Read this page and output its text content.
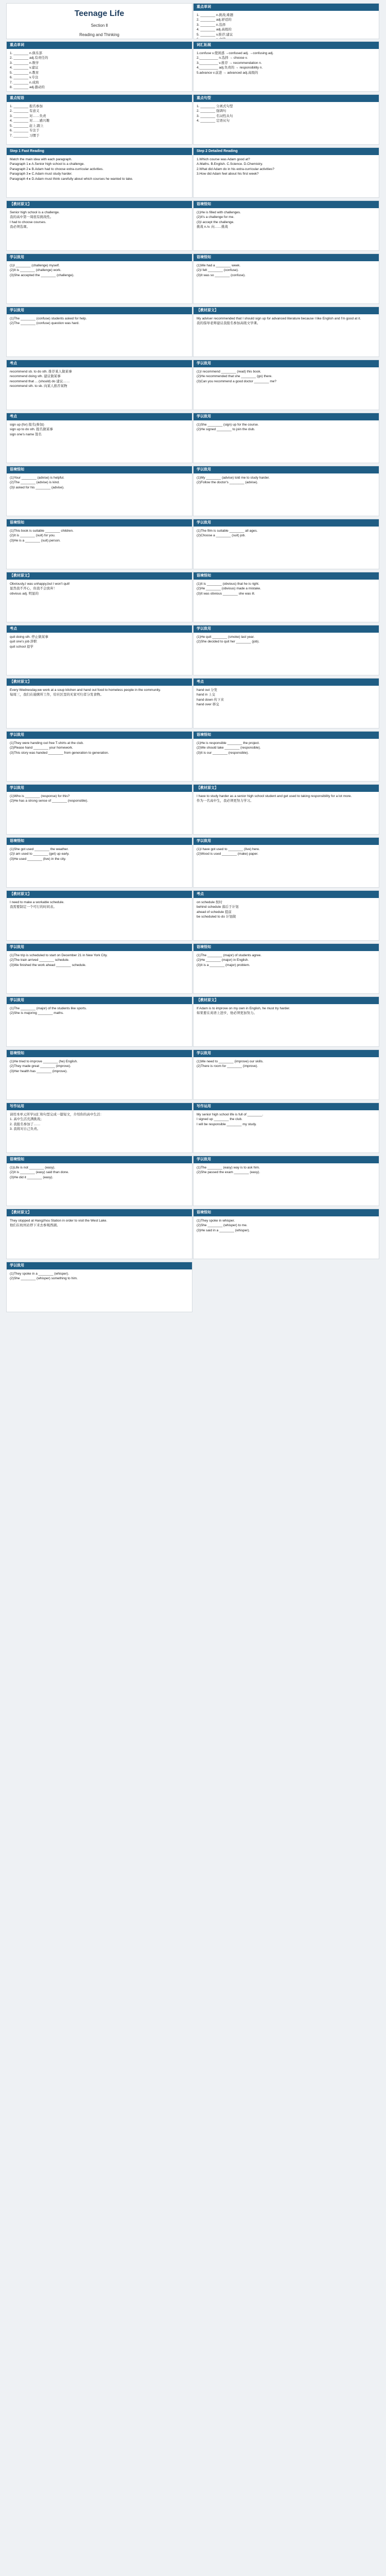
Teenage Life
Section Ⅱ
Reading and Thinking
重点单词
1. ________ n.挑战;难题
2. ________ adj.舒适的
3. ________ n.选择
4. ________ adj.高级的
5. ________ v.推荐;建议

重点单词
1. ________ n.俱乐部
2. ________ adj.有责任的
3. ________ n.数学
4. ________ v.建议
5. ________ n.教育
6. ________ v.专注
7. ________ n.成熟
8. ________ adj.激动的
词汇拓展
1.confuse v.使困惑 →confused adj. →confusing adj.
2.__________ n.选择 → choose v.
3.__________ v.推荐 → recommendation n.
4.__________ adj.负责的 → responsibility n.
5.advance v.前进 → advanced adj.高级的
重点短语
1. ________ 报名参加
2. ________ 有意义
3. ________ 对……负责
4. ________ 对……感兴趣
5. ________ 赶上;跟上
6. ________ 专注于
7. ________ 习惯于
重点句型
1. ________ 分离式句型
2. ________ 强调句
3. ________ 名词性从句
4. ________ 定语从句
Step 1 Fast Reading
Match the main idea with each paragraph.
Paragraph 1 ▸ A.Senior high school is a challenge.
Paragraph 2 ▸ B.Adam had to choose extra-curricular activities.
Paragraph 3 ▸ C.Adam must study harder.
Paragraph 4 ▸ D.Adam must think carefully about which courses he wanted to take.
Step 2 Detailed Reading
1.Which course was Adam good at?
A.Maths. B.English. C.Science. D.Chemistry.
2.What did Adam do in his extra-curricular activities?
3.How did Adam feel about his first week?
【教材原文】
Senior high school is a challenge.
我的高中第一周很有挑战性。
I had to choose courses.
我必须选课。
语境悟知
(1)He is filled with challenges.
(2)It's a challenge for me.
(3)I accept the challenge.
挑战 n./v. 向……挑战
学以致用
(1)I ________ (challenge) myself.
(2)It is ________ (challenge) work.
(3)She accepted the ________ (challenge).
语境悟知
(1)We had a ________ week.
(2)I felt ________ (confuse).
(3)It was so ________ (confuse).
学以致用
(1)The ________ (confuse) students asked for help.
(2)The ________ (confuse) question was hard.
【教材原文】
My adviser recommended that I should sign up for advanced literature because I like English and I'm good at it.
我的指导老师建议我报名参加高级文学课。
考点
recommend sb. to do sth. 推荐某人做某事
recommend doing sth. 建议做某事
recommend that ... (should) do 建议……
recommend sth. to sb. 向某人推荐某物
学以致用
(1)I recommend ________ (read) this book.
(2)He recommended that she ________ (go) there.
(3)Can you recommend a good doctor ________ me?
考点
sign up (for) 报名(参加)
sign up to do sth. 报名做某事
sign one's name 签名
学以致用
(1)She ________ (sign) up for the course.
(2)He signed ________ to join the club.
语境悟知
(1)Your ________ (advise) is helpful.
(2)The ________ (advise) is kind.
(3)I asked for his ________ (advise).
学以致用
(1)My ________ (advise) told me to study harder.
(2)Follow the doctor's ________ (advise).
语境悟知
(1)This book is suitable ________ children.
(2)It is ________ (suit) for you.
(3)He is a ________ (suit) person.
学以致用
(1)The film is suitable ________ all ages.
(2)Choose a ________ (suit) job.
【教材原文】
Obviously,I was unhappy,but I won't quit!
显然我不开心，但我不会放弃！
obvious adj. 明显的
语境悟知
(1)It is ________ (obvious) that he is right.
(2)He ________ (obvious) made a mistake.
(3)It was obvious ________ she was ill.
考点
quit doing sth. 停止做某事
quit one's job 辞职
quit school 退学
学以致用
(1)He quit ________ (smoke) last year.
(2)She decided to quit her ________ (job).
【教材原文】
Every Wednesday,we work at a soup kitchen and hand out food to homeless people in the community.
每周三，我们在施粥所工作，给社区里的无家可归者分发食物。
考点
hand out 分发
hand in 上交
hand down 传下来
hand over 移交
学以致用
(1)They were handing out free T-shirts at the club.
(2)Please hand ________ your homework.
(3)This story was handed ________ from generation to generation.
语境悟知
(1)He is responsible ________ the project.
(2)We should take ________ (responsible).
(3)It is our ________ (responsible).
学以致用
(1)Who is ________ (response) for this?
(2)He has a strong sense of ________ (responsible).
【教材原文】
I have to study harder as a senior high school student and get used to taking responsibility for a lot more.
作为一名高中生，我必须更努力学习。
语境悟知
(1)She got used ________ the weather.
(2)I am used to ________ (get) up early.
(3)He used ________ (live) in the city.
学以致用
(1)I have got used to ________ (live) here.
(2)Wood is used ________ (make) paper.
【教材原文】
I need to make a workable schedule.
我需要制定一个可行的时间表。
考点
on schedule 按时
behind schedule 落后于计划
ahead of schedule 提前
be scheduled to do 计划做
学以致用
(1)The trip is scheduled to start on December 21 in New York City.
(2)The train arrived ________ schedule.
(3)We finished the work ahead ________ schedule.
语境悟知
(1)The ________ (major) of students agree.
(2)He ________ (major) in English.
(3)It is a ________ (major) problem.
学以致用
(1)The ________ (major) of the students like sports.
(2)She is majoring ________ maths.
【教材原文】
If Adam is to improve on my own in English, he must try harder.
如果要在英语上进步，他必须更加努力。
语境悟知
(1)He tried to improve ________ (he) English.
(2)They made great ________ (improve).
(3)Her health has ________ (improve).
学以致用
(1)We need to ________ (improve) our skills.
(2)There is room for ________ (improve).
写作运用
请用本单元所学词汇和句型完成一篇短文，介绍你的高中生活：
1. 高中生活充满挑战；
2. 我报名参加了……
3. 我将对自己负责。
写作运用
My senior high school life is full of ________.
I signed up ________ the club.
I will be responsible ________ my study.
语境悟知
(1)Life is not ________ (easy).
(2)It is ________ (easy) said than done.
(3)He did it ________ (easy).
学以致用
(1)The ________ (easy) way is to ask him.
(2)She passed the exam ________ (easy).
【教材原文】
They stopped at Hangzhou Station in order to visit the West Lake.
他们在杭州站停下来去参观西湖。
语境悟知
(1)They spoke in whisper.
(2)She ________ (whisper) to me.
(3)He said in a ________ (whisper).
学以致用
(1)They spoke in a ________ (whisper).
(2)She ________ (whisper) something to him.
